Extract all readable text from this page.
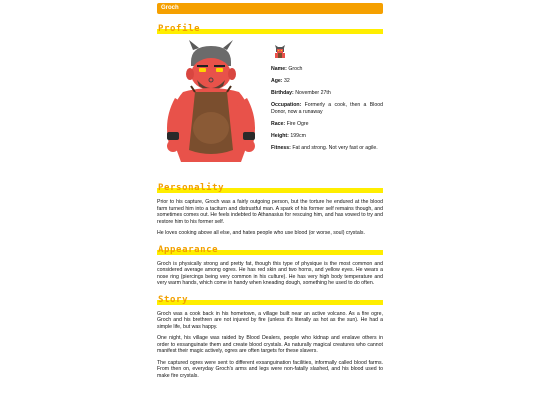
Groch
Profile
Name: Groch
Age: 32
Birthday: November 27th
Occupation: Formerly a cook, then a Blood Donor, now a runaway
Race: Fire Ogre
Height: 199cm
Fitness: Fat and strong. Not very fast or agile.
Personality

Prior to his capture, Groch was a fairly outgoing person, but the torture he endured at the blood farm turned him into a taciturn and distrustful man. A spark of his former self remains though, and sometimes comes out. He feels indebted to Athanasius for rescuing him, and has vowed to try and restore him to his former self.

He loves cooking above all else, and hates people who use blood (or worse, soul) crystals.

Appearance

Groch is physically strong and pretty fat, though this type of physique is the most common and considered average among ogres. He has red skin and two horns, and yellow eyes. He wears a nose ring (piercings being very common in his culture). He has very high body temperature and very warm hands, which come in handy when kneading dough, something he used to do often.

Story

Groch was a cook back in his hometown, a village built near an active volcano. As a fire ogre, Groch and his brethren are not injured by fire (unless it's literally as hot as the sun). He had a simple life, but was happy.

One night, his village was raided by Blood Dealers, people who kidnap and enslave others in order to exsanguinate them and create blood crystals. As naturally magical creatures who cannot manifest their magic actively, ogres are often targets for these slavers.

The captured ogres were sent to different exsanguination facilities, informally called blood farms. From then on, everyday Groch's arms and legs were non-fatally slashed, and his blood used to make fire crystals.
